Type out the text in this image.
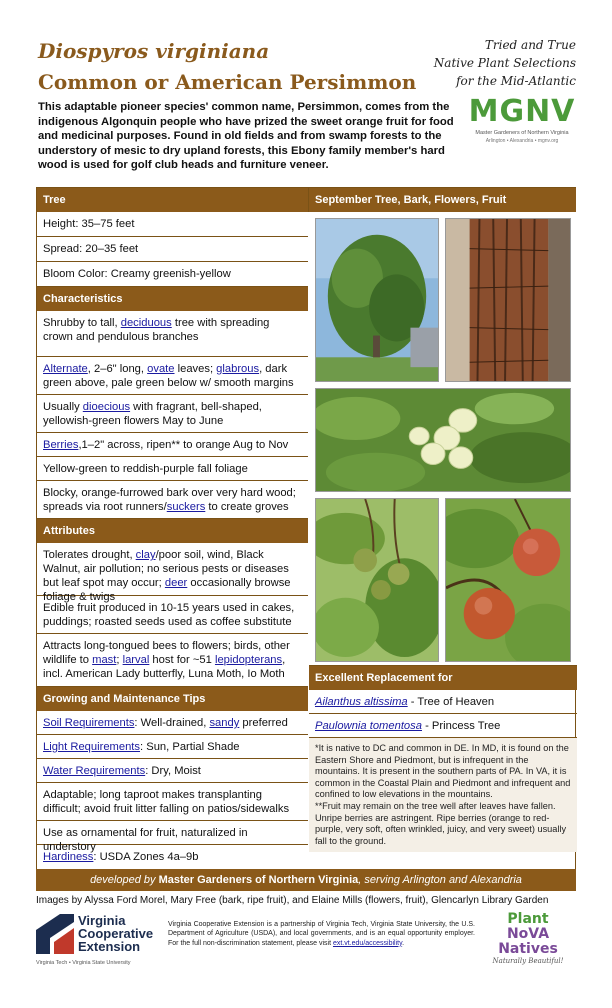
Diospyros virginiana
Common or American Persimmon
Tried and True
Native Plant Selections
for the Mid-Atlantic
MGNV
Master Gardeners of Northern Virginia
Arlington • Alexandria • mgnv.org
This adaptable pioneer species' common name, Persimmon, comes from the indigenous Algonquin people who have prized the sweet orange fruit for food and medicinal purposes. Found in old fields and from swamp forests to the understory of mesic to dry upland forests, this Ebony family member's hard wood is used for golf club heads and furniture veneer.
Tree
Height: 35–75 feet
Spread: 20–35 feet
Bloom Color: Creamy greenish-yellow
Characteristics
Shrubby to tall, deciduous tree with spreading crown and pendulous branches
Alternate, 2–6" long, ovate leaves; glabrous, dark green above, pale green below w/ smooth margins
Usually dioecious with fragrant, bell-shaped, yellowish-green flowers May to June
Berries,1–2" across, ripen** to orange Aug to Nov
Yellow-green to reddish-purple fall foliage
Blocky, orange-furrowed bark over very hard wood; spreads via root runners/suckers to create groves
Attributes
Tolerates drought, clay/poor soil, wind, Black Walnut, air pollution; no serious pests or diseases but leaf spot may occur; deer occasionally browse foliage & twigs
Edible fruit produced in 10-15 years used in cakes, puddings; roasted seeds used as coffee substitute
Attracts long-tongued bees to flowers; birds, other wildlife to mast; larval host for ~51 lepidopterans, incl. American Lady butterfly, Luna Moth, Io Moth
Growing and Maintenance Tips
Soil Requirements: Well-drained, sandy preferred
Light Requirements: Sun, Partial Shade
Water Requirements: Dry, Moist
Adaptable; long taproot makes transplanting difficult; avoid fruit litter falling on patios/sidewalks
Use as ornamental for fruit, naturalized in understory
Hardiness: USDA Zones 4a–9b
September Tree, Bark, Flowers, Fruit
Excellent Replacement for
Ailanthus altissima - Tree of Heaven
Paulownia tomentosa - Princess Tree
*It is native to DC and common in DE. In MD, it is found on the Eastern Shore and Piedmont, but is infrequent in the mountains. It is present in the southern parts of PA. In VA, it is common in the Coastal Plain and Piedmont and infrequent and confined to low elevations in the mountains.
**Fruit may remain on the tree well after leaves have fallen. Unripe berries are astringent. Ripe berries (orange to red-purple, very soft, often wrinkled, juicy, and very sweet) usually fall to the ground.
developed by Master Gardeners of Northern Virginia, serving Arlington and Alexandria
Images by Alyssa Ford Morel, Mary Free (bark, ripe fruit), and Elaine Mills (flowers, fruit), Glencarlyn Library Garden
Virginia Cooperative Extension
Virginia Tech • Virginia State University
Virginia Cooperative Extension is a partnership of Virginia Tech, Virginia State University, the U.S. Department of Agriculture (USDA), and local governments, and is an equal opportunity employer. For the full non-discrimination statement, please visit ext.vt.edu/accessibility.
Plant
NoVA Natives
Naturally Beautiful!
